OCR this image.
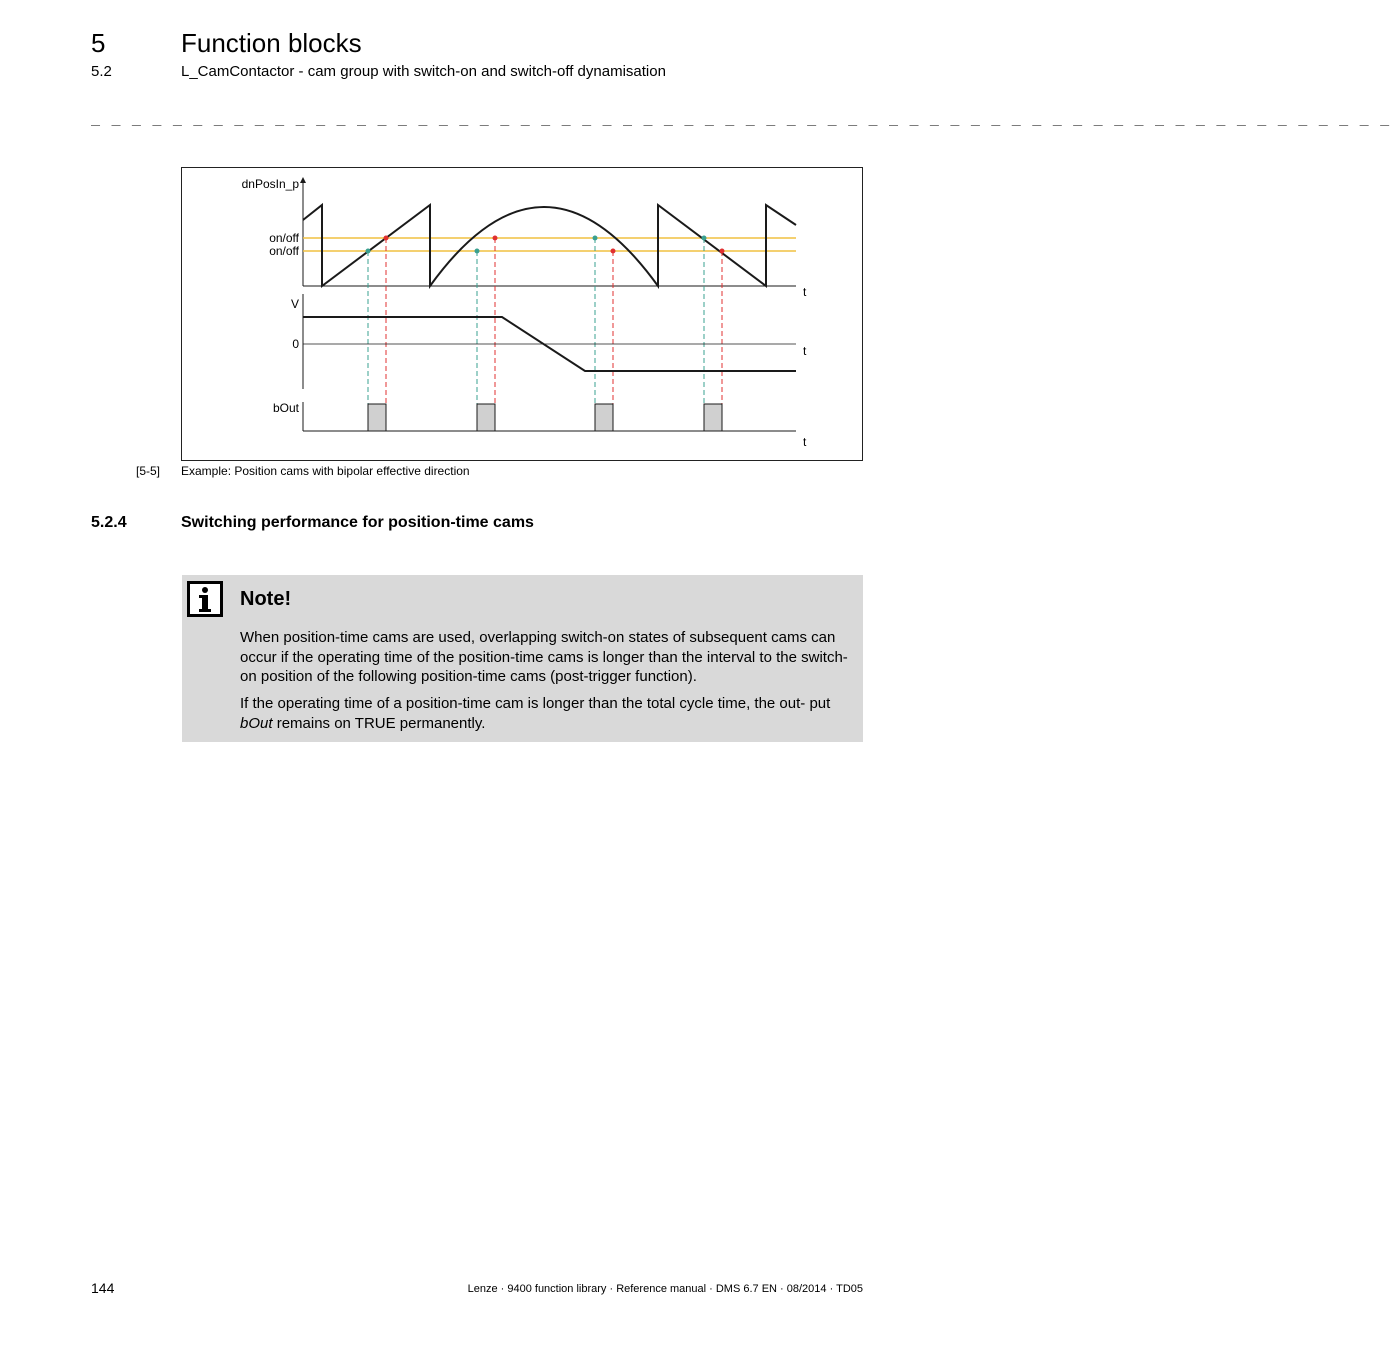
5	Function blocks
5.2	L_CamContactor - cam group with switch-on and switch-off dynamisation
_ _ _ _ _ _ _ _ _ _ _ _ _ _ _ _ _ _ _ _ _ _ _ _ _ _ _ _ _ _ _ _ _ _ _ _ _ _ _ _ _ _ _ _ _ _ _ _ _ _ _ _ _ _ _ _ _ _ _ _ _ _ _ _
dnPosIn_p
on/off
on/off
t
V
0	t
bOut
t
[5-5] Example: Position cams with bipolar effective direction
5.2.4	Switching performance for position-time cams
Note!

When position-time cams are used, overlapping switch-on states of subsequent cams can occur if the operating time of the position-time cams is longer than the interval to the switch-on position of the following position-time cams (post-trigger function).

If the operating time of a position-time cam is longer than the total cycle time, the out- put bOut remains on TRUE permanently.

144	Lenze · 9400 function library · Reference manual · DMS 6.7 EN · 08/2014 · TD05
